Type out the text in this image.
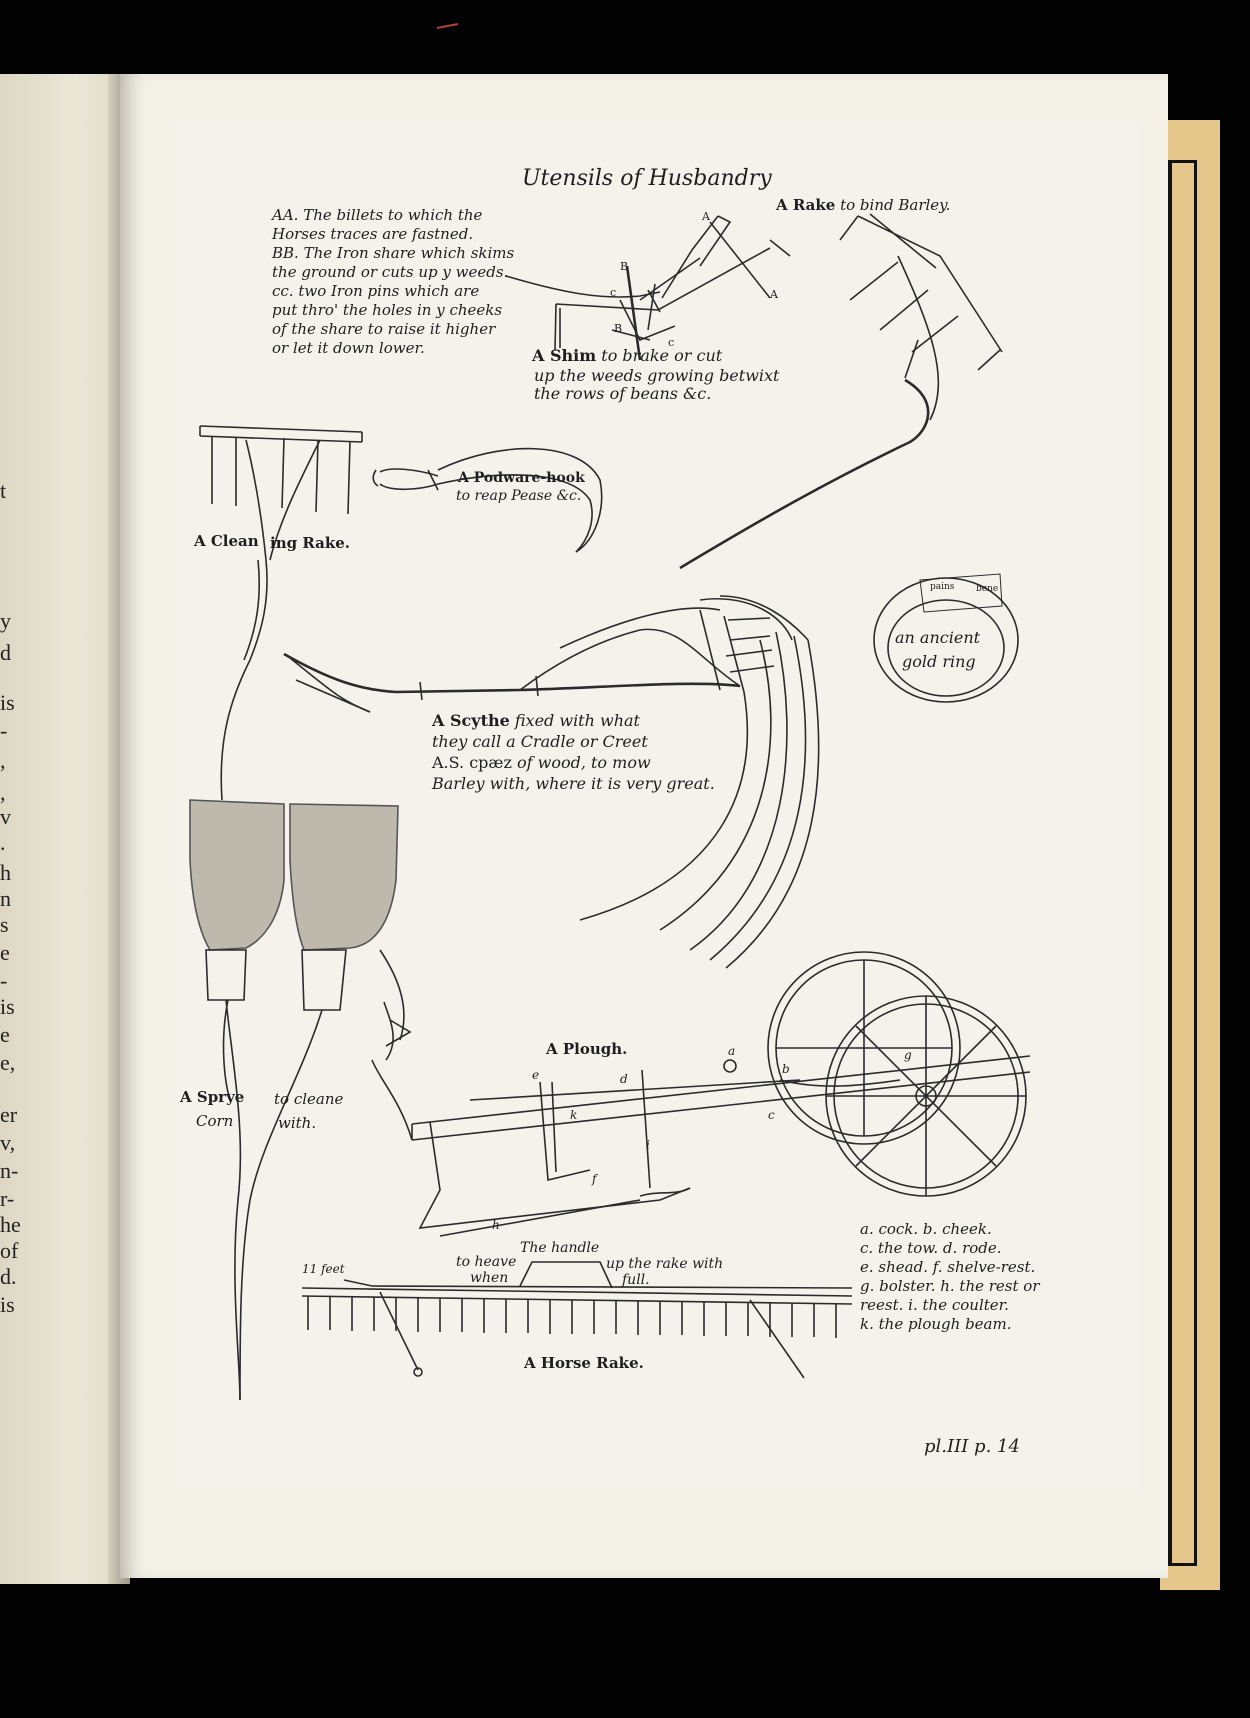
t
y
d
is
-
,
,
v
.
h
n
s
e
-
is
e
e,
er
v,
n-
r-
he
of
d.
is
Utensils of Husbandry
AA. The billets to which the
Horses traces are fastned.
BB. The Iron share which skims
the ground or cuts up y weeds.
cc. two Iron pins which are
put thro' the holes in y cheeks
of the share to raise it higher
or let it down lower.
A
A
B
c
B
c
A Shim to brake or cut
up the weeds growing betwixt
the rows of beans &c.
A Rake to bind Barley.
A Podware-hook
to reap Pease &c.
A Clean ing Rake.
an ancient
gold ring
pains bene
A Scythe fixed with what
they call a Cradle or Creet
A.S. cpæz of wood, to mow
Barley with, where it is very great.
A Sprye to cleane
Corn	with.
A Plough.	a
b
c
d
e
f
g
h
i
k
a. cock. b. cheek.
c. the tow. d. rode.
e. shead. f. shelve-rest.
g. bolster. h. the rest or
reest. i. the coulter.
k. the plough beam.
11 feet
The handle
to heave
when
up the rake with
full.
A Horse Rake.
pl.III p. 14
